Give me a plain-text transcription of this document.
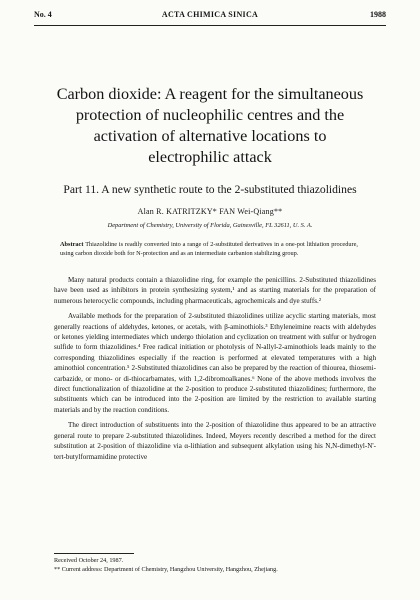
No. 4	ACTA CHIMICA SINICA	1988
Carbon dioxide: A reagent for the simultaneous
protection of nucleophilic centres and the
activation of alternative locations to
electrophilic attack
Part 11. A new synthetic route to the 2-substituted thiazolidines
Alan R. KATRITZKY* FAN Wei-Qiang**
Department of Chemistry, University of Florida, Gainesville, FL 32611, U. S. A.
Abstract Thiazolidine is readily converted into a range of 2-substituted derivatives in a one-pot lithiation procedure, using carbon dioxide both for N-protection and as an intermediate carbanion stabilizing group.

Many natural products contain a thiazolidine ring, for example the penicillins. 2-Substituted thiazolidines have been used as inhibitors in protein synthesizing system,¹ and as starting materials for the preparation of numerous heterocyclic compounds, including pharmaceuticals, agrochemicals and dye stuffs.²

Available methods for the preparation of 2-substituted thiazolidines utilize acyclic starting materials, most generally reactions of aldehydes, ketones, or acetals, with β-aminothiols.³ Ethyleneimine reacts with aldehydes or ketones yielding intermediates which undergo thiolation and cyclization on treatment with sulfur or hydrogen sulfide to form thiazolidines.⁴ Free radical initiation or photolysis of N-allyl-2-aminothiols leads mainly to the corresponding thiazolidines especially if the reaction is performed at elevated temperatures with a high aminothiol concentration.⁵ 2-Substituted thiazolidines can also be prepared by the reaction of thiourea, thiosemi-carbazide, or mono- or di-thiocarbamates, with 1,2-dibromoalkanes.⁶ None of the above methods involves the direct functionalization of thiazolidine at the 2-position to produce 2-substituted thiazolidines; furthermore, the substituents which can be introduced into the 2-position are limited by the restriction to available starting materials and by the reaction conditions.

The direct introduction of substituents into the 2-position of thiazolidine thus appeared to be an attractive general route to prepare 2-substituted thiazolidines. Indeed, Meyers recently described a method for the direct substitution at 2-position of thiazolidine via α-lithiation and subsequent alkylation using his N,N-dimethyl-N'-tert-butylformamidine protective

Received October 24, 1987.
** Current address: Department of Chemistry, Hangzhou University, Hangzhou, Zhejiang.
